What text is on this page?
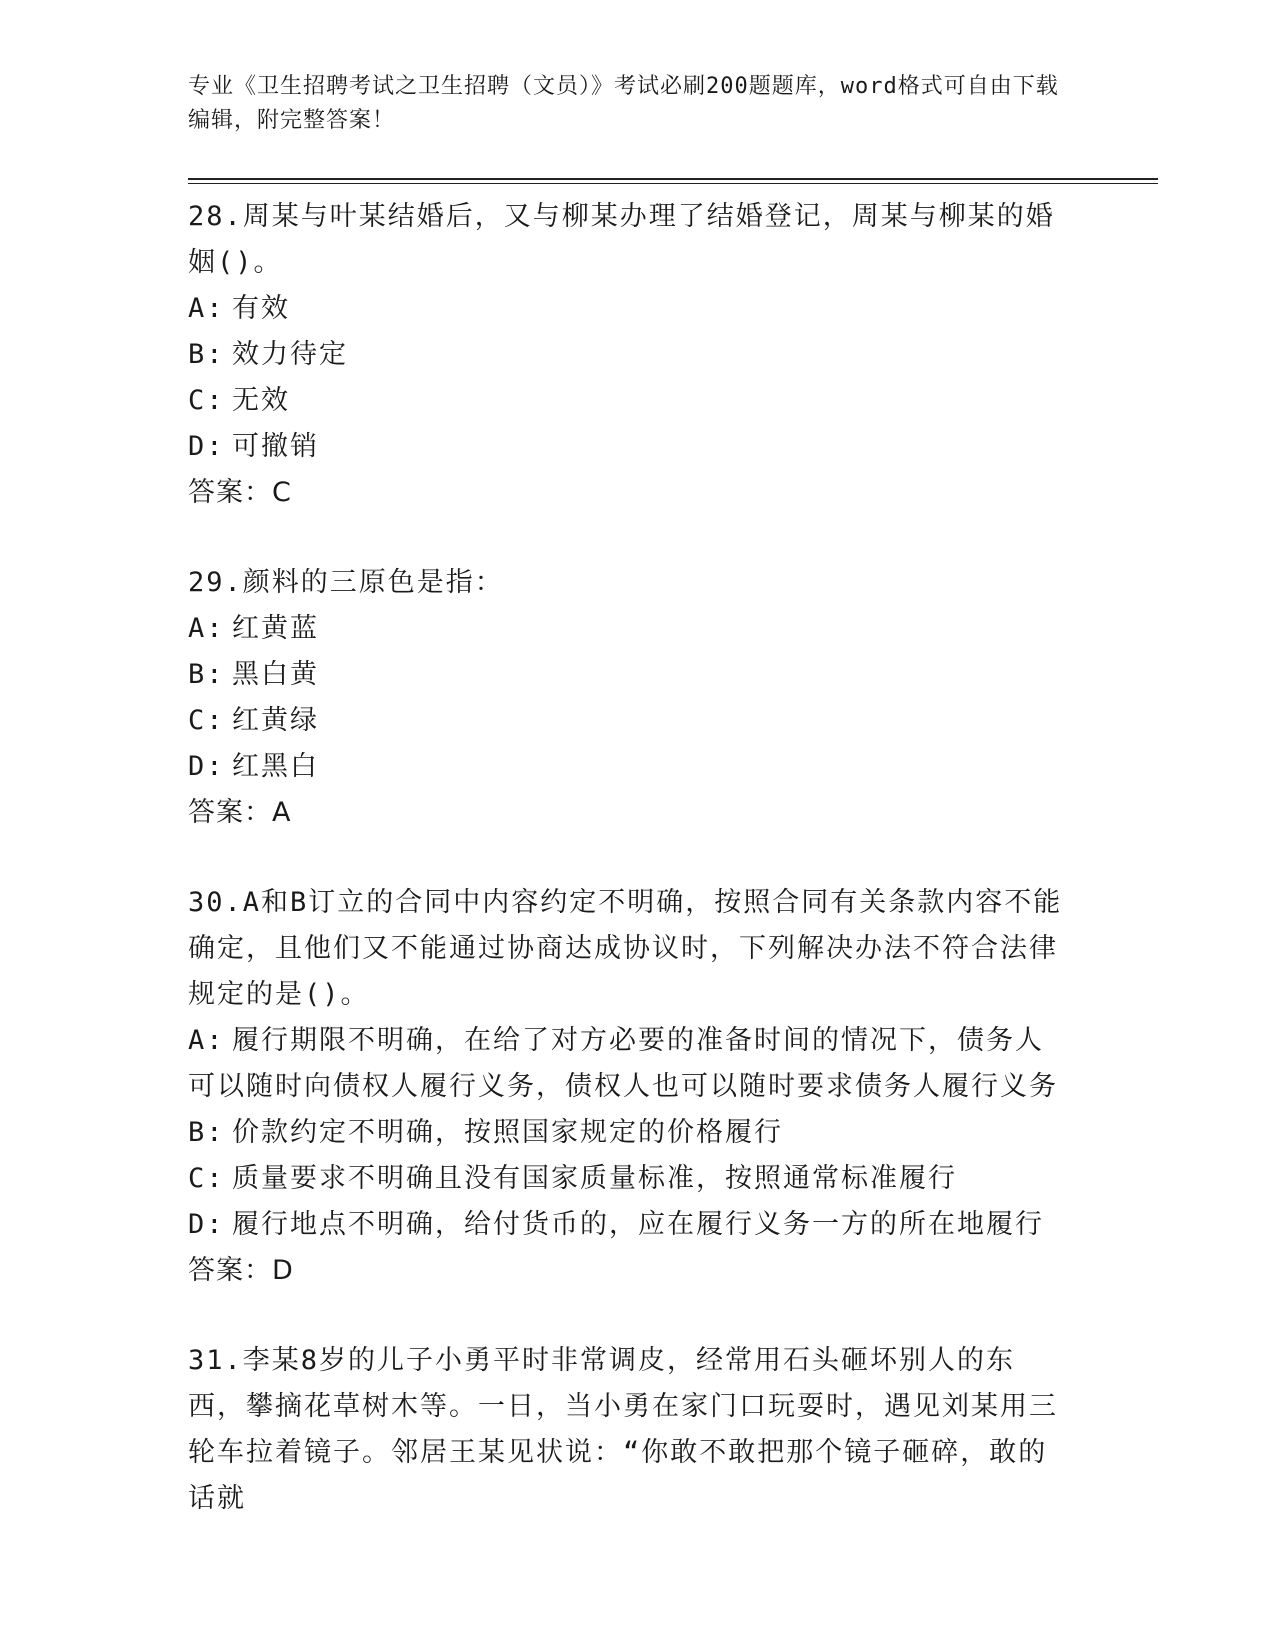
专业《卫生招聘考试之卫生招聘（文员）》考试必刷200题题库，word格式可自由下载编辑，附完整答案！
28.周某与叶某结婚后，又与柳某办理了结婚登记，周某与柳某的婚姻()。
A: 有效
B: 效力待定
C: 无效
D: 可撤销
答案：C
29.颜料的三原色是指：
A: 红黄蓝
B: 黑白黄
C: 红黄绿
D: 红黑白
答案：A
30.A和B订立的合同中内容约定不明确，按照合同有关条款内容不能确定，且他们又不能通过协商达成协议时，下列解决办法不符合法律规定的是()。
A: 履行期限不明确，在给了对方必要的准备时间的情况下，债务人可以随时向债权人履行义务，债权人也可以随时要求债务人履行义务
B: 价款约定不明确，按照国家规定的价格履行
C: 质量要求不明确且没有国家质量标准，按照通常标准履行
D: 履行地点不明确，给付货币的，应在履行义务一方的所在地履行
答案：D
31.李某8岁的儿子小勇平时非常调皮，经常用石头砸坏别人的东西，攀摘花草树木等。一日，当小勇在家门口玩耍时，遇见刘某用三轮车拉着镜子。邻居王某见状说：“你敢不敢把那个镜子砸碎，敢的话就
